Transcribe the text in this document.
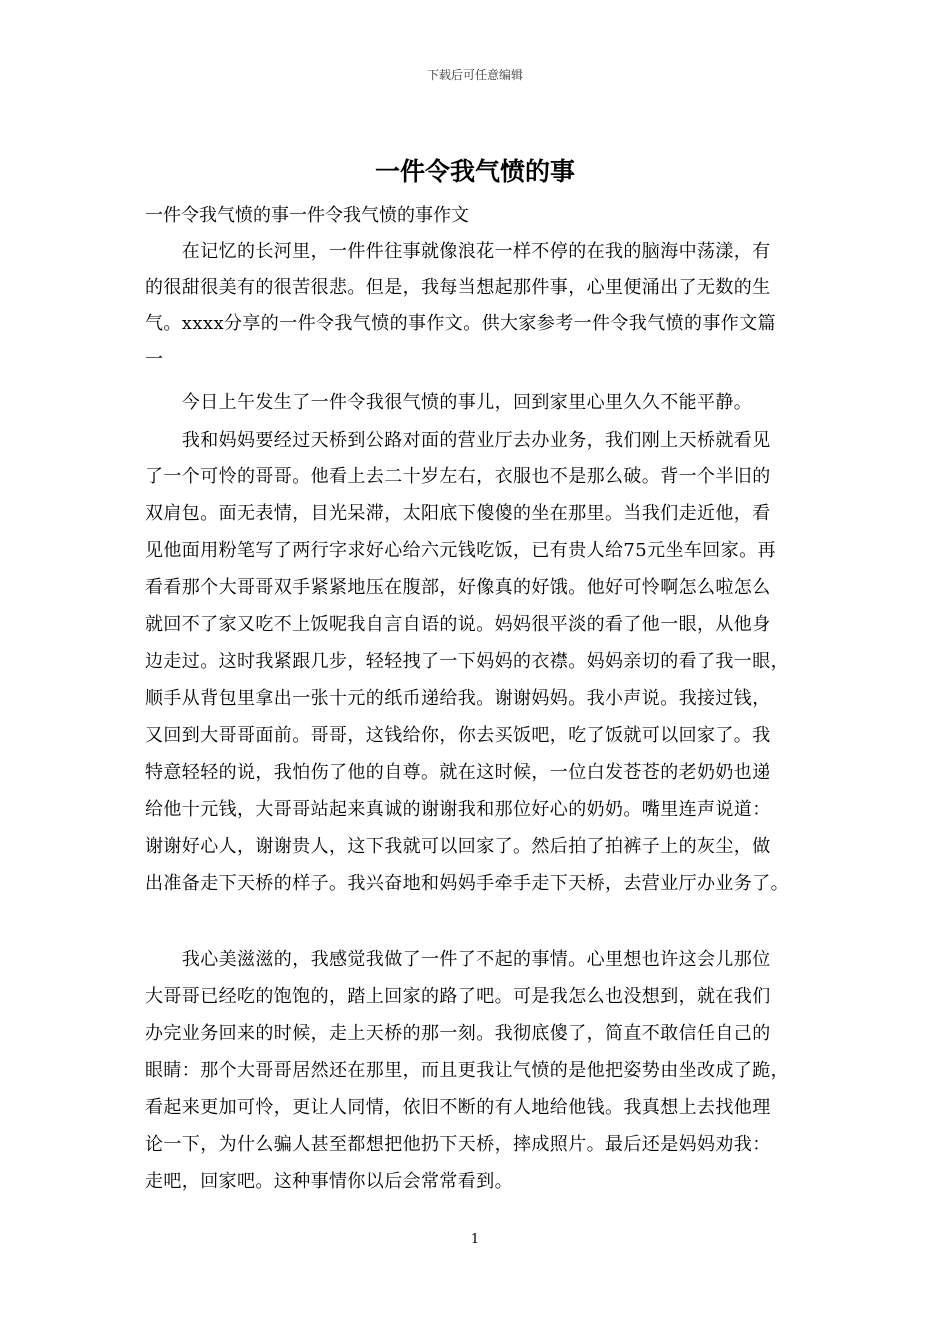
下载后可任意编辑
一件令我气愤的事
一件令我气愤的事一件令我气愤的事作文
　　在记忆的长河里，一件件往事就像浪花一样不停的在我的脑海中荡漾，有
的很甜很美有的很苦很悲。但是，我每当想起那件事，心里便涌出了无数的生
气。xxxx分享的一件令我气愤的事作文。供大家参考一件令我气愤的事作文篇
一
　　今日上午发生了一件令我很气愤的事儿，回到家里心里久久不能平静。
　　我和妈妈要经过天桥到公路对面的营业厅去办业务，我们刚上天桥就看见
了一个可怜的哥哥。他看上去二十岁左右，衣服也不是那么破。背一个半旧的
双肩包。面无表情，目光呆滞，太阳底下傻傻的坐在那里。当我们走近他，看
见他面用粉笔写了两行字求好心给六元钱吃饭，已有贵人给75元坐车回家。再
看看那个大哥哥双手紧紧地压在腹部，好像真的好饿。他好可怜啊怎么啦怎么
就回不了家又吃不上饭呢我自言自语的说。妈妈很平淡的看了他一眼，从他身
边走过。这时我紧跟几步，轻轻拽了一下妈妈的衣襟。妈妈亲切的看了我一眼，
顺手从背包里拿出一张十元的纸币递给我。谢谢妈妈。我小声说。我接过钱，
又回到大哥哥面前。哥哥，这钱给你，你去买饭吧，吃了饭就可以回家了。我
特意轻轻的说，我怕伤了他的自尊。就在这时候，一位白发苍苍的老奶奶也递
给他十元钱，大哥哥站起来真诚的谢谢我和那位好心的奶奶。嘴里连声说道：
谢谢好心人，谢谢贵人，这下我就可以回家了。然后拍了拍裤子上的灰尘，做
出准备走下天桥的样子。我兴奋地和妈妈手牵手走下天桥，去营业厅办业务了。
　　我心美滋滋的，我感觉我做了一件了不起的事情。心里想也许这会儿那位
大哥哥已经吃的饱饱的，踏上回家的路了吧。可是我怎么也没想到，就在我们
办完业务回来的时候，走上天桥的那一刻。我彻底傻了，简直不敢信任自己的
眼睛：那个大哥哥居然还在那里，而且更我让气愤的是他把姿势由坐改成了跪，
看起来更加可怜，更让人同情，依旧不断的有人地给他钱。我真想上去找他理
论一下，为什么骗人甚至都想把他扔下天桥，摔成照片。最后还是妈妈劝我：
走吧，回家吧。这种事情你以后会常常看到。
1
